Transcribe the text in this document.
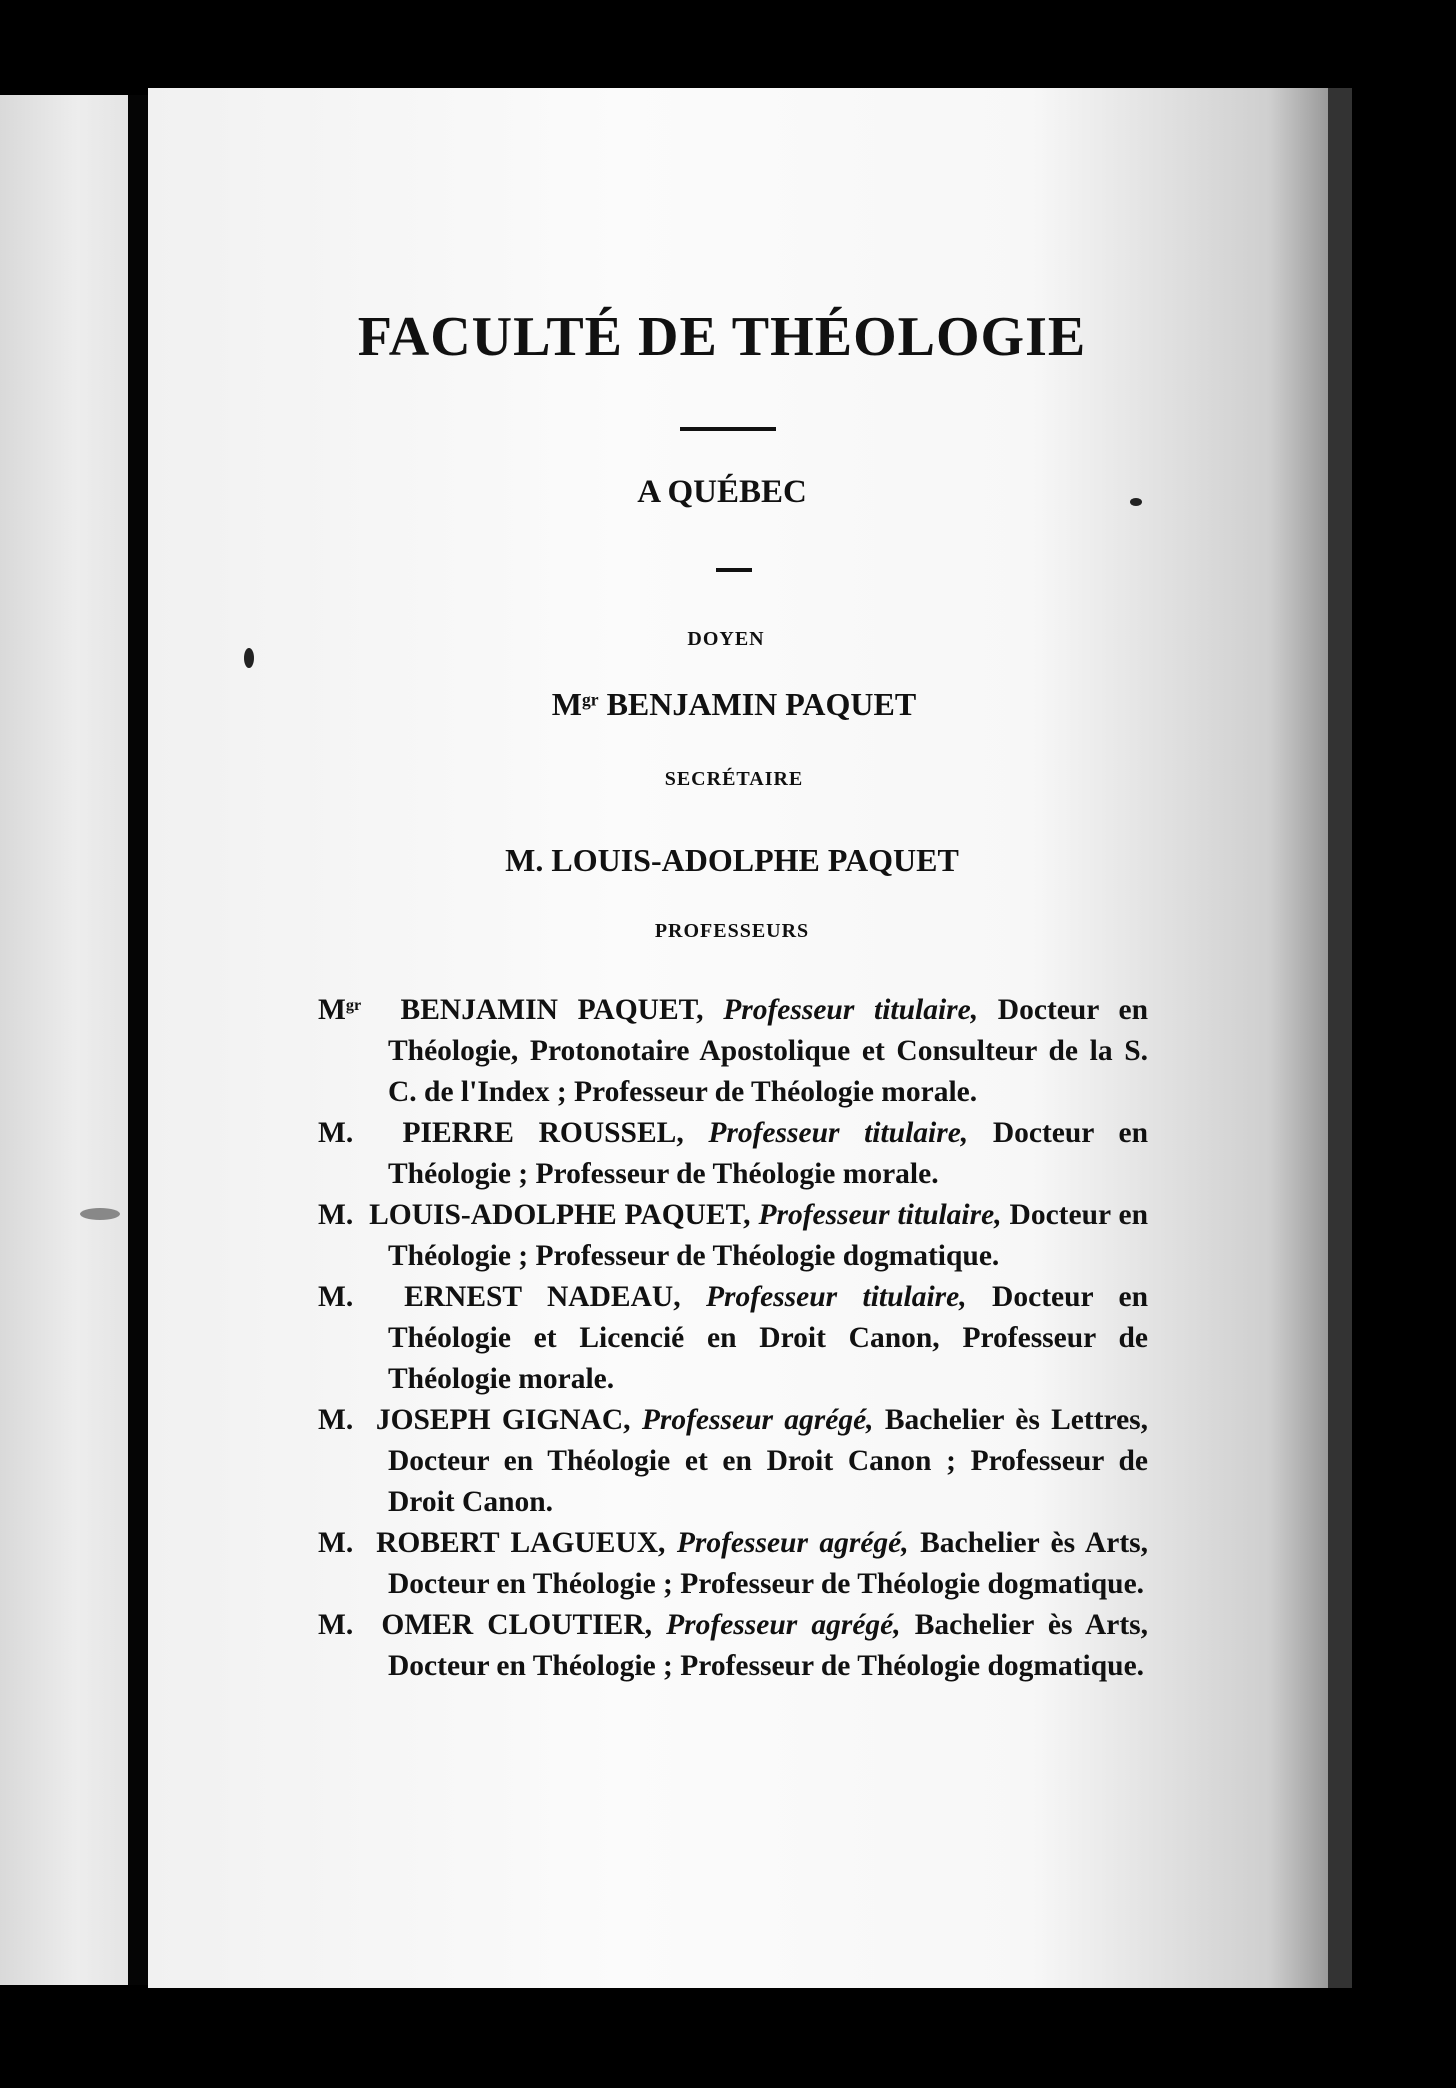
FACULTÉ DE THÉOLOGIE
A QUÉBEC
DOYEN
$M^{gr}$ BENJAMIN PAQUET
SECRÉTAIRE
M. LOUIS-ADOLPHE PAQUET
PROFESSEURS
$M^{gr}$ BENJAMIN PAQUET, Professeur titulaire, Docteur en Théologie, Protonotaire Apostolique et Consulteur de la S. C. de l'Index ; Professeur de Théologie morale.
M. PIERRE ROUSSEL, Professeur titulaire, Docteur en Théologie ; Professeur de Théologie morale.
M. LOUIS-ADOLPHE PAQUET, Professeur titulaire, Docteur en Théologie ; Professeur de Théologie dogmatique.
M. ERNEST NADEAU, Professeur titulaire, Docteur en Théologie et Licencié en Droit Canon, Professeur de Théologie morale.
M. JOSEPH GIGNAC, Professeur agrégé, Bachelier ès Lettres, Docteur en Théologie et en Droit Canon ; Professeur de Droit Canon.
M. ROBERT LAGUEUX, Professeur agrégé, Bachelier ès Arts, Docteur en Théologie ; Professeur de Théologie dogmatique.
M. OMER CLOUTIER, Professeur agrégé, Bachelier ès Arts, Docteur en Théologie ; Professeur de Théologie dogmatique.
